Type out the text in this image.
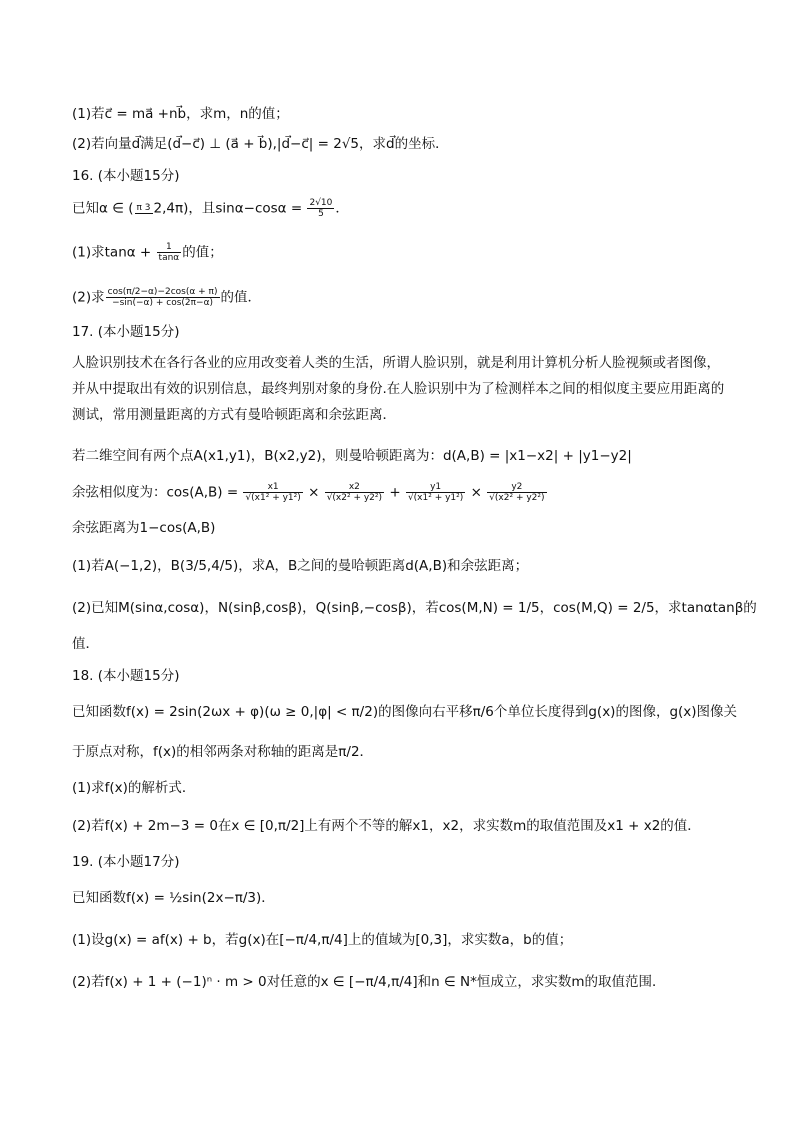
(1)若c⃗ = ma⃗ +nb⃗，求m，n的值；
(2)若向量d⃗满足(d⃗−c⃗) ⊥ (a⃗ + b⃗),|d⃗−c⃗| = 2√5，求d⃗的坐标．
16. (本小题15分)
已知α ∈ ( π 3 2,4π)，且$\sin\alpha-\cos\alpha = \frac{2√10}{5}$ ．
(1)求$\tan\alpha + \frac{1}{\tan\alpha}$ 的值；
(2)求 $\frac{\cos(\pi/2-\alpha)-2\cos(\alpha + \pi)}{-\sin(-\alpha) + \cos(2\pi-\alpha)}$ 的值．
17. (本小题15分)
人脸识别技术在各行各业的应用改变着人类的生活，所谓人脸识别，就是利用计算机分析人脸视频或者图像，并从中提取出有效的识别信息，最终判别对象的身份.在人脸识别中为了检测样本之间的相似度主要应用距离的测试，常用测量距离的方式有曼哈顿距离和余弦距离．
若二维空间有两个点A(x1,y1)，B(x2,y2)，则曼哈顿距离为：d(A,B) = |x1−x2| + |y1−y2|
余弦相似度为：$\cos(A,B) = \frac{x1}{\text{√(x1² + y1²)}} \times \frac{x2}{\text{√(x2² + y2²)}} + \frac{y1}{\text{√(x1² + y1²)}} \times \frac{y2}{\text{√(x2² + y2²)}}$
余弦距离为1−cos(A,B)
(1)若A(−1,2)，B(3/5,4/5)，求A，B之间的曼哈顿距离d(A,B)和余弦距离；
(2)已知M(sinα,cosα)，N(sinβ,cosβ)，Q(sinβ,−cosβ)，若cos(M,N) = 1/5，cos(M,Q) = 2/5，求tanαtanβ的
值．
18. (本小题15分)
已知函数f(x) = 2sin(2ωx + φ)(ω ≥ 0,|φ| < π/2)的图像向右平移π/6个单位长度得到g(x)的图像，g(x)图像关
于原点对称，f(x)的相邻两条对称轴的距离是π/2．
(1)求f(x)的解析式．
(2)若f(x) + 2m−3 = 0在x ∈ [0,π/2]上有两个不等的解x1，x2，求实数m的取值范围及x1 + x2的值．
19. (本小题17分)
已知函数f(x) = ½sin(2x−π/3)．
(1)设g(x) = af(x) + b，若g(x)在[−π/4,π/4]上的值域为[0,3]，求实数a，b的值；
(2)若f(x) + 1 + (−1)ⁿ · m > 0对任意的x ∈ [−π/4,π/4]和n ∈ N*恒成立，求实数m的取值范围．
